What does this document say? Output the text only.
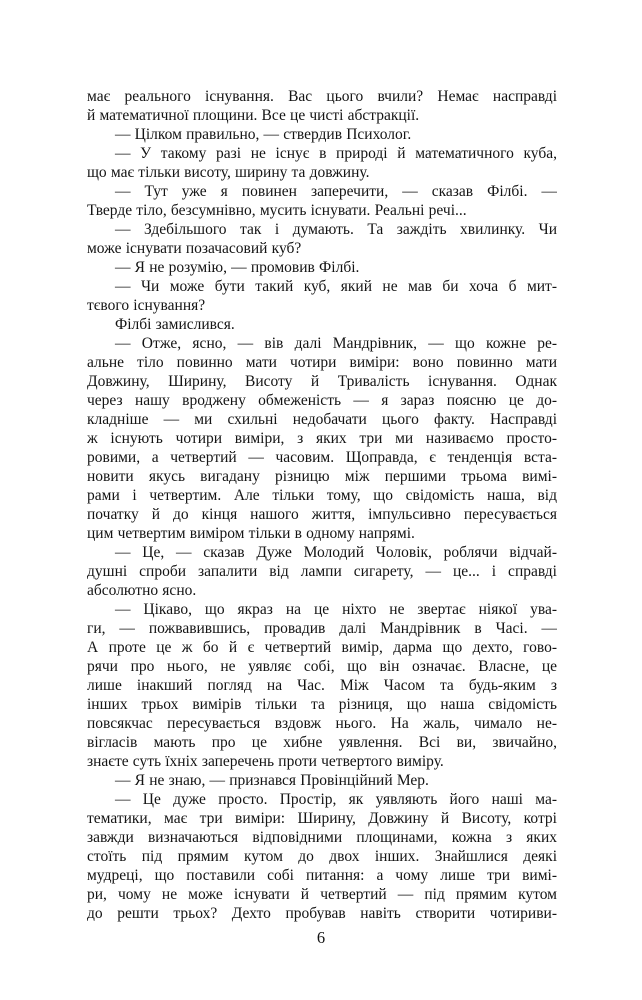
має реального існування. Вас цього вчили? Немає насправді
й математичної площини. Все це чисті абстракції.
— Цілком правильно, — ствердив Психолог.
— У такому разі не існує в природі й математичного куба,
що має тільки висоту, ширину та довжину.
— Тут уже я повинен заперечити, — сказав Філбі. —
Тверде тіло, безсумнівно, мусить існувати. Реальні речі...
— Здебільшого так і думають. Та заждіть хвилинку. Чи
може існувати позачасовий куб?
— Я не розумію, — промовив Філбі.
— Чи може бути такий куб, який не мав би хоча б мит-
тєвого існування?
Філбі замислився.
— Отже, ясно, — вів далі Мандрівник, — що кожне ре-
альне тіло повинно мати чотири виміри: воно повинно мати
Довжину, Ширину, Висоту й Тривалість існування. Однак
через нашу вроджену обмеженість — я зараз поясню це до-
кладніше — ми схильні недобачати цього факту. Насправді
ж існують чотири виміри, з яких три ми називаємо просто-
ровими, а четвертий — часовим. Щоправда, є тенденція вста-
новити якусь вигадану різницю між першими трьома вимі-
рами і четвертим. Але тільки тому, що свідомість наша, від
початку й до кінця нашого життя, імпульсивно пересувається
цим четвертим виміром тільки в одному напрямі.
— Це, — сказав Дуже Молодий Чоловік, роблячи відчай-
душні спроби запалити від лампи сигарету, — це... і справді
абсолютно ясно.
— Цікаво, що якраз на це ніхто не звертає ніякої ува-
ги, — пожвавившись, провадив далі Мандрівник в Часі. —
А проте це ж бо й є четвертий вимір, дарма що дехто, гово-
рячи про нього, не уявляє собі, що він означає. Власне, це
лише інакший погляд на Час. Між Часом та будь-яким з
інших трьох вимірів тільки та різниця, що наша свідомість
повсякчас пересувається вздовж нього. На жаль, чимало не-
вігласів мають про це хибне уявлення. Всі ви, звичайно,
знаєте суть їхніх заперечень проти четвертого виміру.
— Я не знаю, — признався Провінційний Мер.
— Це дуже просто. Простір, як уявляють його наші ма-
тематики, має три виміри: Ширину, Довжину й Висоту, котрі
завжди визначаються відповідними площинами, кожна з яких
стоїть під прямим кутом до двох інших. Знайшлися деякі
мудреці, що поставили собі питання: а чому лише три вимі-
ри, чому не може існувати й четвертий — під прямим кутом
до решти трьох? Дехто пробував навіть створити чотириви-
6
